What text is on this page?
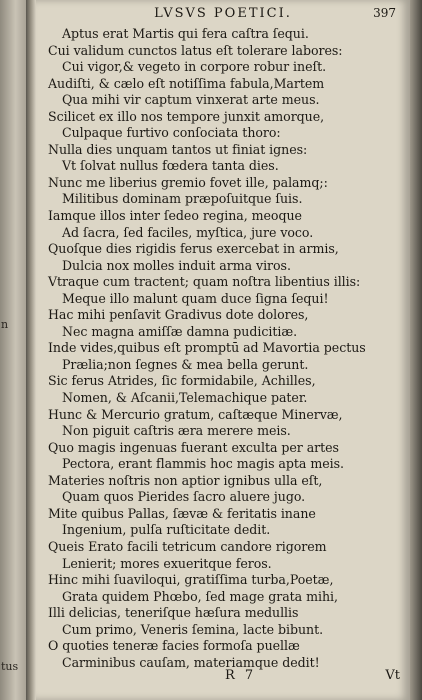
n
tus
LVSVS POETICI.	397
Aptus erat Martis qui fera caſtra ſequi.
Cui validum cunctos latus eſt tolerare labores:
Cui vigor,& vegeto in corpore robur ineſt.
Audiſti, & cælo eſt notiſſima fabula,Martem
Qua mihi vir captum vinxerat arte meus.
Scilicet ex illo nos tempore junxit amorque,
Culpaque furtivo conſociata thoro:
Nulla dies unquam tantos ut finiat ignes:
Vt ſolvat nullus fœdera tanta dies.
Nunc me liberius gremio fovet ille, palamq;:
Militibus dominam præpoſuitque ſuis.
Iamque illos inter ſedeo regina, meoque
Ad ſacra, ſed faciles, myſtica, jure voco.
Quoſque dies rigidis ferus exercebat in armis,
Dulcia nox molles induit arma viros.
Vtraque cum tractent; quam noſtra libentius illis:
Meque illo malunt quam duce ſigna ſequi!
Hac mihi penſavit Gradivus dote dolores,
Nec magna amiſſæ damna pudicitiæ.
Inde vides,quibus eſt promptū ad Mavortia pectus
Prælia;non ſegnes & mea bella gerunt.
Sic ferus Atrides, ſic formidabile, Achilles,
Nomen, & Aſcanii,Telemachique pater.
Hunc & Mercurio gratum, caſtæque Minervæ,
Non piguit caſtris æra merere meis.
Quo magis ingenuas fuerant exculta per artes
Pectora, erant flammis hoc magis apta meis.
Materies noſtris non aptior ignibus ulla eſt,
Quam quos Pierides ſacro aluere jugo.
Mite quibus Pallas, ſævæ & feritatis inane
Ingenium, pulſa ruſticitate dedit.
Queis Erato facili tetricum candore rigorem
Lenierit; mores exueritque feros.
Hinc mihi ſuaviloqui, gratiſſima turba,Poetæ,
Grata quidem Phœbo, ſed mage grata mihi,
Illi delicias, teneriſque hæſura medullis
Cum primo, Veneris ſemina, lacte bibunt.
O quoties teneræ facies formoſa puellæ
Carminibus cauſam, materiamque dedit!
R 7	Vt
